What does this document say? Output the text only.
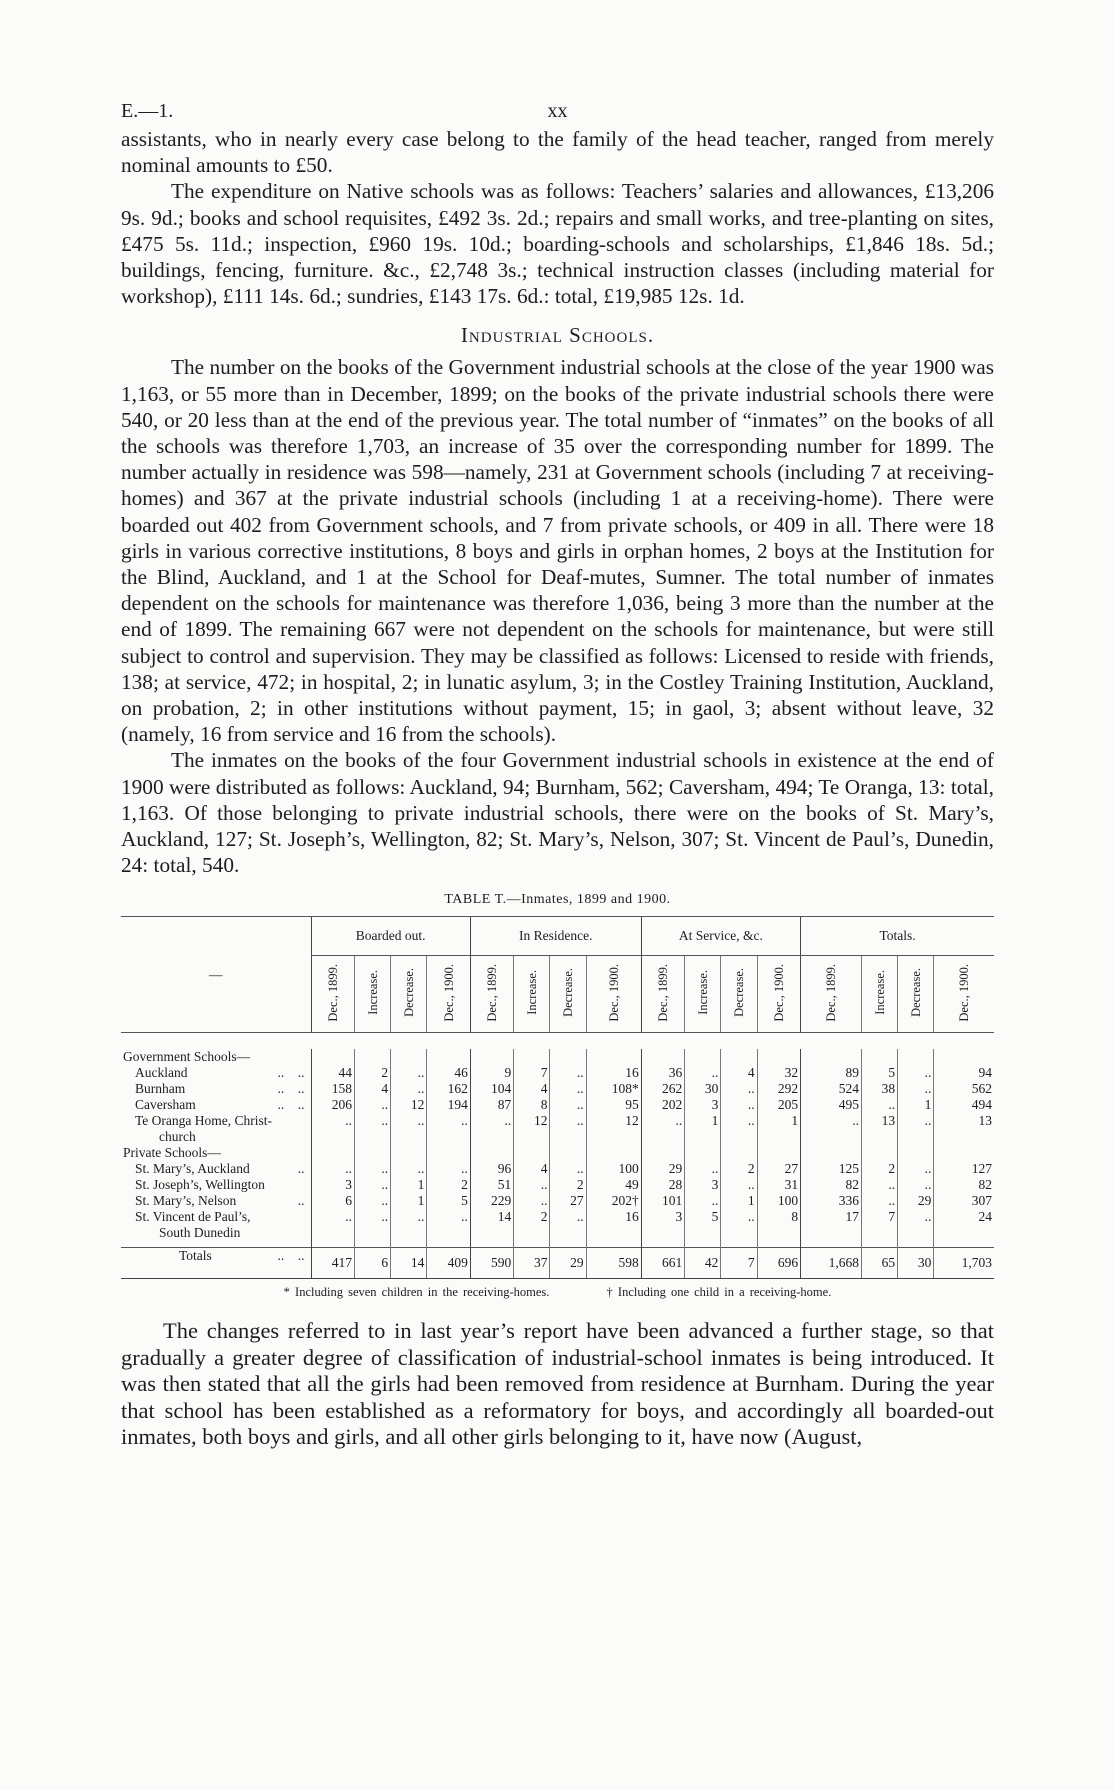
E.—1.	xx

assistants, who in nearly every case belong to the family of the head teacher, ranged from merely nominal amounts to £50.

The expenditure on Native schools was as follows: Teachers’ salaries and allowances, £13,206 9s. 9d.; books and school requisites, £492 3s. 2d.; repairs and small works, and tree-planting on sites, £475 5s. 11d.; inspection, £960 19s. 10d.; boarding-schools and scholarships, £1,846 18s. 5d.; buildings, fencing, furniture. &c., £2,748 3s.; technical instruction classes (including material for workshop), £111 14s. 6d.; sundries, £143 17s. 6d.: total, £19,985 12s. 1d.

Industrial Schools.

The number on the books of the Government industrial schools at the close of the year 1900 was 1,163, or 55 more than in December, 1899; on the books of the private industrial schools there were 540, or 20 less than at the end of the previous year. The total number of “inmates” on the books of all the schools was therefore 1,703, an increase of 35 over the corresponding number for 1899. The number actually in residence was 598—namely, 231 at Government schools (including 7 at receiving-homes) and 367 at the private industrial schools (including 1 at a receiving-home). There were boarded out 402 from Government schools, and 7 from private schools, or 409 in all. There were 18 girls in various corrective institutions, 8 boys and girls in orphan homes, 2 boys at the Institution for the Blind, Auckland, and 1 at the School for Deaf-mutes, Sumner. The total number of inmates dependent on the schools for maintenance was therefore 1,036, being 3 more than the number at the end of 1899. The remaining 667 were not dependent on the schools for maintenance, but were still subject to control and supervision. They may be classified as follows: Licensed to reside with friends, 138; at service, 472; in hospital, 2; in lunatic asylum, 3; in the Costley Training Institution, Auckland, on probation, 2; in other institutions without payment, 15; in gaol, 3; absent without leave, 32 (namely, 16 from service and 16 from the schools).

The inmates on the books of the four Government industrial schools in existence at the end of 1900 were distributed as follows: Auckland, 94; Burnham, 562; Caversham, 494; Te Oranga, 13: total, 1,163. Of those belonging to private industrial schools, there were on the books of St. Mary’s, Auckland, 127; St. Joseph’s, Wellington, 82; St. Mary’s, Nelson, 307; St. Vincent de Paul’s, Dunedin, 24: total, 540.

TABLE T.—Inmates, 1899 and 1900.
—	Boarded out.				In Residence.				At Service, &c.				Totals.			
	Dec., 1899.	Increase.	Decrease.	Dec., 1900.	Dec., 1899.	Increase.	Decrease.	Dec., 1900.	Dec., 1899.	Increase.	Decrease.	Dec., 1900.	Dec., 1899.	Increase.	Decrease.	Dec., 1900.

Government Schools—																
Auckland ..    ..	44	2	..	46	9	7	..	16	36	..	4	32	89	5	..	94
Burnham ..    ..	158	4	..	162	104	4	..	108*	262	30	..	292	524	38	..	562
Caversham ..    ..	206	..	12	194	87	8	..	95	202	3	..	205	495	..	1	494
Te Oranga Home, Christ-
church	..	..	..	..	..	12	..	12	..	1	..	1	..	13	..	13
Private Schools—																
St. Mary’s, Auckland ..	..	..	..	..	96	4	..	100	29	..	2	27	125	2	..	127
St. Joseph’s, Wellington	3	..	1	2	51	..	2	49	28	3	..	31	82	..	..	82
St. Mary’s, Nelson ..	6	..	1	5	229	..	27	202†	101	..	1	100	336	..	29	307
St. Vincent de Paul’s,
South Dunedin	..	..	..	..	14	2	..	16	3	5	..	8	17	7	..	24

Totals ..    ..	417	6	14	409	590	37	29	598	661	42	7	696	1,668	65	30	1,703
* Including seven children in the receiving-homes.	† Including one child in a receiving-home.

The changes referred to in last year’s report have been advanced a further stage, so that gradually a greater degree of classification of industrial-school inmates is being introduced. It was then stated that all the girls had been removed from residence at Burnham. During the year that school has been established as a reformatory for boys, and accordingly all boarded-out inmates, both boys and girls, and all other girls belonging to it, have now (August,
